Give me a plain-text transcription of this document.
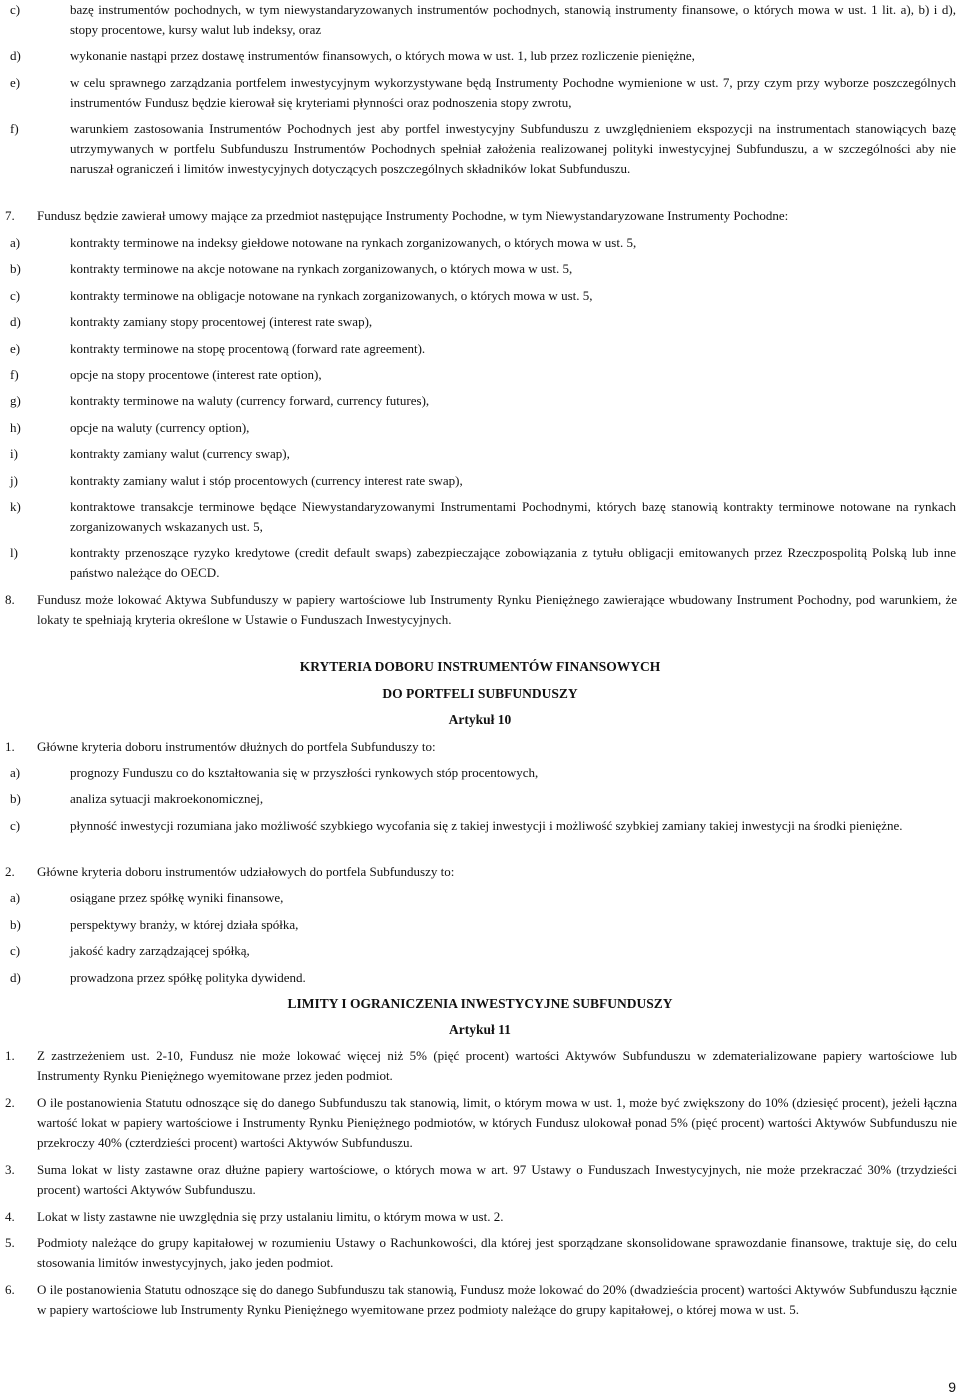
c)	bazę instrumentów pochodnych, w tym niewystandaryzowanych instrumentów pochodnych, stanowią instrumenty finansowe, o których mowa w ust. 1 lit. a), b) i d), stopy procentowe, kursy walut lub indeksy, oraz
d)	wykonanie nastąpi przez dostawę instrumentów finansowych, o których mowa w ust. 1, lub przez rozliczenie pieniężne,
e)	w celu sprawnego zarządzania portfelem inwestycyjnym wykorzystywane będą Instrumenty Pochodne wymienione w ust. 7, przy czym przy wyborze poszczególnych instrumentów Fundusz będzie kierował się kryteriami płynności oraz podnoszenia stopy zwrotu,
f)	warunkiem zastosowania Instrumentów Pochodnych jest aby portfel inwestycyjny Subfunduszu z uwzględnieniem ekspozycji na instrumentach stanowiących bazę utrzymywanych w portfelu Subfunduszu Instrumentów Pochodnych spełniał założenia realizowanej polityki inwestycyjnej Subfunduszu, a w szczególności aby nie naruszał ograniczeń i limitów inwestycyjnych dotyczących poszczególnych składników lokat Subfunduszu.
7. Fundusz będzie zawierał umowy mające za przedmiot następujące Instrumenty Pochodne, w tym Niewystandaryzowane Instrumenty Pochodne:
a)	kontrakty terminowe na indeksy giełdowe notowane na rynkach zorganizowanych, o których mowa w ust. 5,
b)	kontrakty terminowe na akcje notowane na rynkach zorganizowanych, o których mowa w ust. 5,
c)	kontrakty terminowe na obligacje notowane na rynkach zorganizowanych, o których mowa w ust. 5,
d)	kontrakty zamiany stopy procentowej (interest rate swap),
e)	kontrakty terminowe na stopę procentową (forward rate agreement).
f)	opcje na stopy procentowe (interest rate option),
g)	kontrakty terminowe na waluty (currency forward, currency futures),
h)	opcje na waluty (currency option),
i)	kontrakty zamiany walut (currency swap),
j)	kontrakty zamiany walut i stóp procentowych (currency interest rate swap),
k)	kontraktowe transakcje terminowe będące Niewystandaryzowanymi Instrumentami Pochodnymi, których bazę stanowią kontrakty terminowe notowane na rynkach zorganizowanych wskazanych ust. 5,
l)	kontrakty przenoszące ryzyko kredytowe (credit default swaps) zabezpieczające zobowiązania z tytułu obligacji emitowanych przez Rzeczpospolitą Polską lub inne państwo należące do OECD.
8. Fundusz może lokować Aktywa Subfunduszy w papiery wartościowe lub Instrumenty Rynku Pieniężnego zawierające wbudowany Instrument Pochodny, pod warunkiem, że lokaty te spełniają kryteria określone w Ustawie o Funduszach Inwestycyjnych.
KRYTERIA DOBORU INSTRUMENTÓW FINANSOWYCH
DO PORTFELI SUBFUNDUSZY
Artykuł 10
1. Główne kryteria doboru instrumentów dłużnych do portfela Subfunduszy to:
a)	prognozy Funduszu co do kształtowania się w przyszłości rynkowych stóp procentowych,
b)	analiza sytuacji makroekonomicznej,
c)	płynność inwestycji rozumiana jako możliwość szybkiego wycofania się z takiej inwestycji i możliwość szybkiej zamiany takiej inwestycji na środki pieniężne.
2. Główne kryteria doboru instrumentów udziałowych do portfela Subfunduszy to:
a)	osiągane przez spółkę wyniki finansowe,
b)	perspektywy branży, w której działa spółka,
c)	jakość kadry zarządzającej spółką,
d)	prowadzona przez spółkę polityka dywidend.
LIMITY I OGRANICZENIA INWESTYCYJNE SUBFUNDUSZY
Artykuł 11
1. Z zastrzeżeniem ust. 2-10, Fundusz nie może lokować więcej niż 5% (pięć procent) wartości Aktywów Subfunduszu w zdematerializowane papiery wartościowe lub Instrumenty Rynku Pieniężnego wyemitowane przez jeden podmiot.
2. O ile postanowienia Statutu odnoszące się do danego Subfunduszu tak stanowią, limit, o którym mowa w ust. 1, może być zwiększony do 10% (dziesięć procent), jeżeli łączna wartość lokat w papiery wartościowe i Instrumenty Rynku Pieniężnego podmiotów, w których Fundusz ulokował ponad 5% (pięć procent) wartości Aktywów Subfunduszu nie przekroczy 40% (czterdzieści procent) wartości Aktywów Subfunduszu.
3. Suma lokat w listy zastawne oraz dłużne papiery wartościowe, o których mowa w art. 97 Ustawy o Funduszach Inwestycyjnych, nie może przekraczać 30% (trzydzieści procent) wartości Aktywów Subfunduszu.
4. Lokat w listy zastawne nie uwzględnia się przy ustalaniu limitu, o którym mowa w ust. 2.
5. Podmioty należące do grupy kapitałowej w rozumieniu Ustawy o Rachunkowości, dla której jest sporządzane skonsolidowane sprawozdanie finansowe, traktuje się, do celu stosowania limitów inwestycyjnych, jako jeden podmiot.
6. O ile postanowienia Statutu odnoszące się do danego Subfunduszu tak stanowią, Fundusz może lokować do 20% (dwadzieścia procent) wartości Aktywów Subfunduszu łącznie w papiery wartościowe lub Instrumenty Rynku Pieniężnego wyemitowane przez podmioty należące do grupy kapitałowej, o której mowa w ust. 5.
9
